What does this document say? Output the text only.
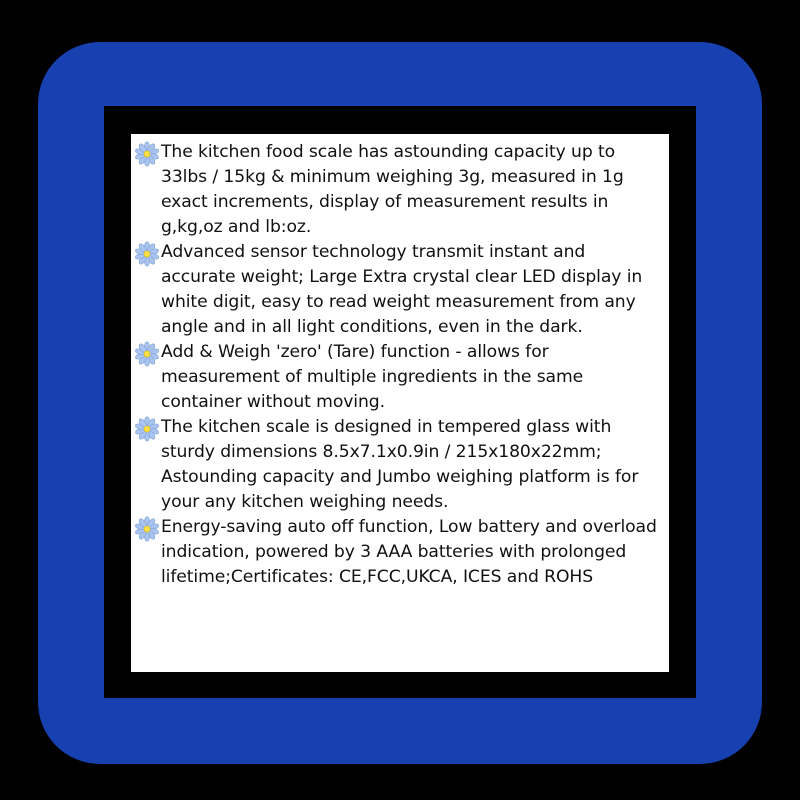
The kitchen food scale has astounding capacity up to 33lbs / 15kg & minimum weighing 3g, measured in 1g exact increments, display of measurement results in g,kg,oz and lb:oz.
Advanced sensor technology transmit instant and accurate weight; Large Extra crystal clear LED display in white digit, easy to read weight measurement from any angle and in all light conditions, even in the dark.
Add & Weigh 'zero' (Tare) function - allows for measurement of multiple ingredients in the same container without moving.
The kitchen scale is designed in tempered glass with sturdy dimensions 8.5x7.1x0.9in / 215x180x22mm; Astounding capacity and Jumbo weighing platform is for your any kitchen weighing needs.
Energy-saving auto off function, Low battery and overload indication, powered by 3 AAA batteries with prolonged lifetime;Certificates: CE,FCC,UKCA, ICES and ROHS
